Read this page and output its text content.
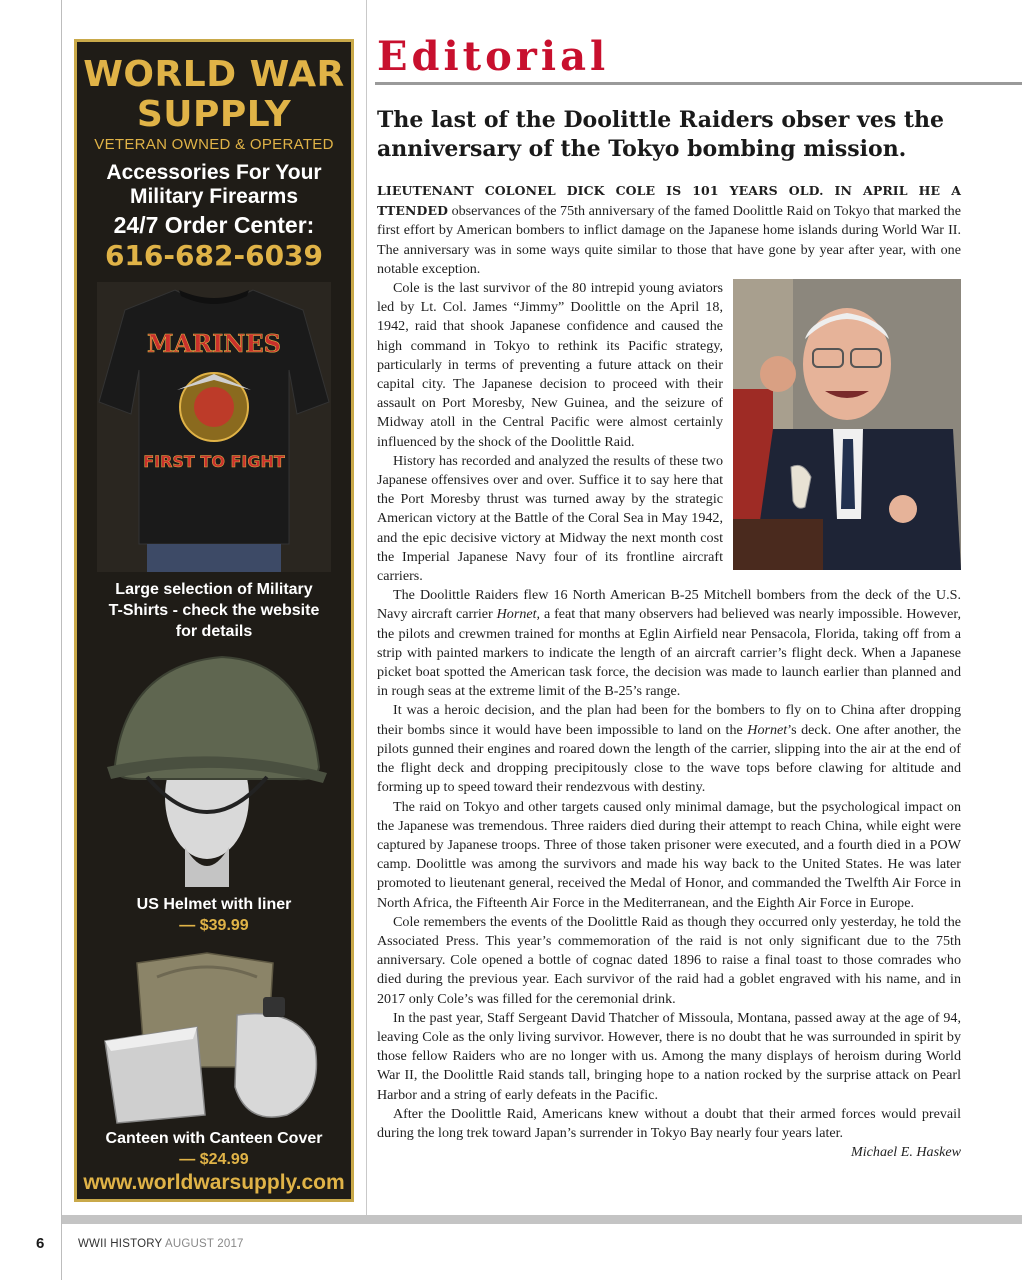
WORLD WAR
SUPPLY
VETERAN OWNED & OPERATED
Accessories For Your
Military Firearms
24/7 Order Center:
616-682-6039
MARINES
FIRST TO FIGHT
Large selection of Military
T-Shirts - check the website
for details
US Helmet with liner
— $39.99
Canteen with Canteen Cover
— $24.99
www.worldwarsupply.com
Editorial
The last of the Doolittle Raiders obser ves the anniversary of the Tokyo bombing mission.

LIEUTENANT COLONEL DICK COLE IS 101 YEARS OLD. IN APRIL HE A TTENDED observances of the 75th anniversary of the famed Doolittle Raid on Tokyo that marked the first effort by American bombers to inflict damage on the Japanese home islands during World War II. The anniversary was in some ways quite similar to those that have gone by year after year, with one notable exception.

Cole is the last survivor of the 80 intrepid young aviators led by Lt. Col. James “Jimmy” Doolittle on the April 18, 1942, raid that shook Japanese confidence and caused the high command in Tokyo to rethink its Pacific strategy, particularly in terms of preventing a future attack on their capital city. The Japanese decision to proceed with their assault on Port Moresby, New Guinea, and the seizure of Midway atoll in the Central Pacific were almost certainly influenced by the shock of the Doolittle Raid.

History has recorded and analyzed the results of these two Japanese offensives over and over. Suffice it to say here that the Port Moresby thrust was turned away by the strategic American victory at the Battle of the Coral Sea in May 1942, and the epic decisive victory at Midway the next month cost the Imperial Japanese Navy four of its frontline aircraft carriers.

The Doolittle Raiders flew 16 North American B-25 Mitchell bombers from the deck of the U.S. Navy aircraft carrier Hornet, a feat that many observers had believed was nearly impossible. However, the pilots and crewmen trained for months at Eglin Airfield near Pensacola, Florida, taking off from a strip with painted markers to indicate the length of an aircraft carrier’s flight deck. When a Japanese picket boat spotted the American task force, the decision was made to launch earlier than planned and in rough seas at the extreme limit of the B-25’s range.

It was a heroic decision, and the plan had been for the bombers to fly on to China after dropping their bombs since it would have been impossible to land on the Hornet’s deck. One after another, the pilots gunned their engines and roared down the length of the carrier, slipping into the air at the end of the flight deck and dropping precipitously close to the wave tops before clawing for altitude and forming up to speed toward their rendezvous with destiny.

The raid on Tokyo and other targets caused only minimal damage, but the psychological impact on the Japanese was tremendous. Three raiders died during their attempt to reach China, while eight were captured by Japanese troops. Three of those taken prisoner were executed, and a fourth died in a POW camp. Doolittle was among the survivors and made his way back to the United States. He was later promoted to lieutenant general, received the Medal of Honor, and commanded the Twelfth Air Force in North Africa, the Fifteenth Air Force in the Mediterranean, and the Eighth Air Force in Europe.

Cole remembers the events of the Doolittle Raid as though they occurred only yesterday, he told the Associated Press. This year’s commemoration of the raid is not only significant due to the 75th anniversary. Cole opened a bottle of cognac dated 1896 to raise a final toast to those comrades who died during the previous year. Each survivor of the raid had a goblet engraved with his name, and in 2017 only Cole’s was filled for the ceremonial drink.

In the past year, Staff Sergeant David Thatcher of Missoula, Montana, passed away at the age of 94, leaving Cole as the only living survivor. However, there is no doubt that he was surrounded in spirit by those fellow Raiders who are no longer with us. Among the many displays of heroism during World War II, the Doolittle Raid stands tall, bringing hope to a nation rocked by the surprise attack on Pearl Harbor and a string of early defeats in the Pacific.

After the Doolittle Raid, Americans knew without a doubt that their armed forces would prevail during the long trek toward Japan’s surrender in Tokyo Bay nearly four years later.

Michael E. Haskew

6	WWII HISTORY AUGUST 2017
